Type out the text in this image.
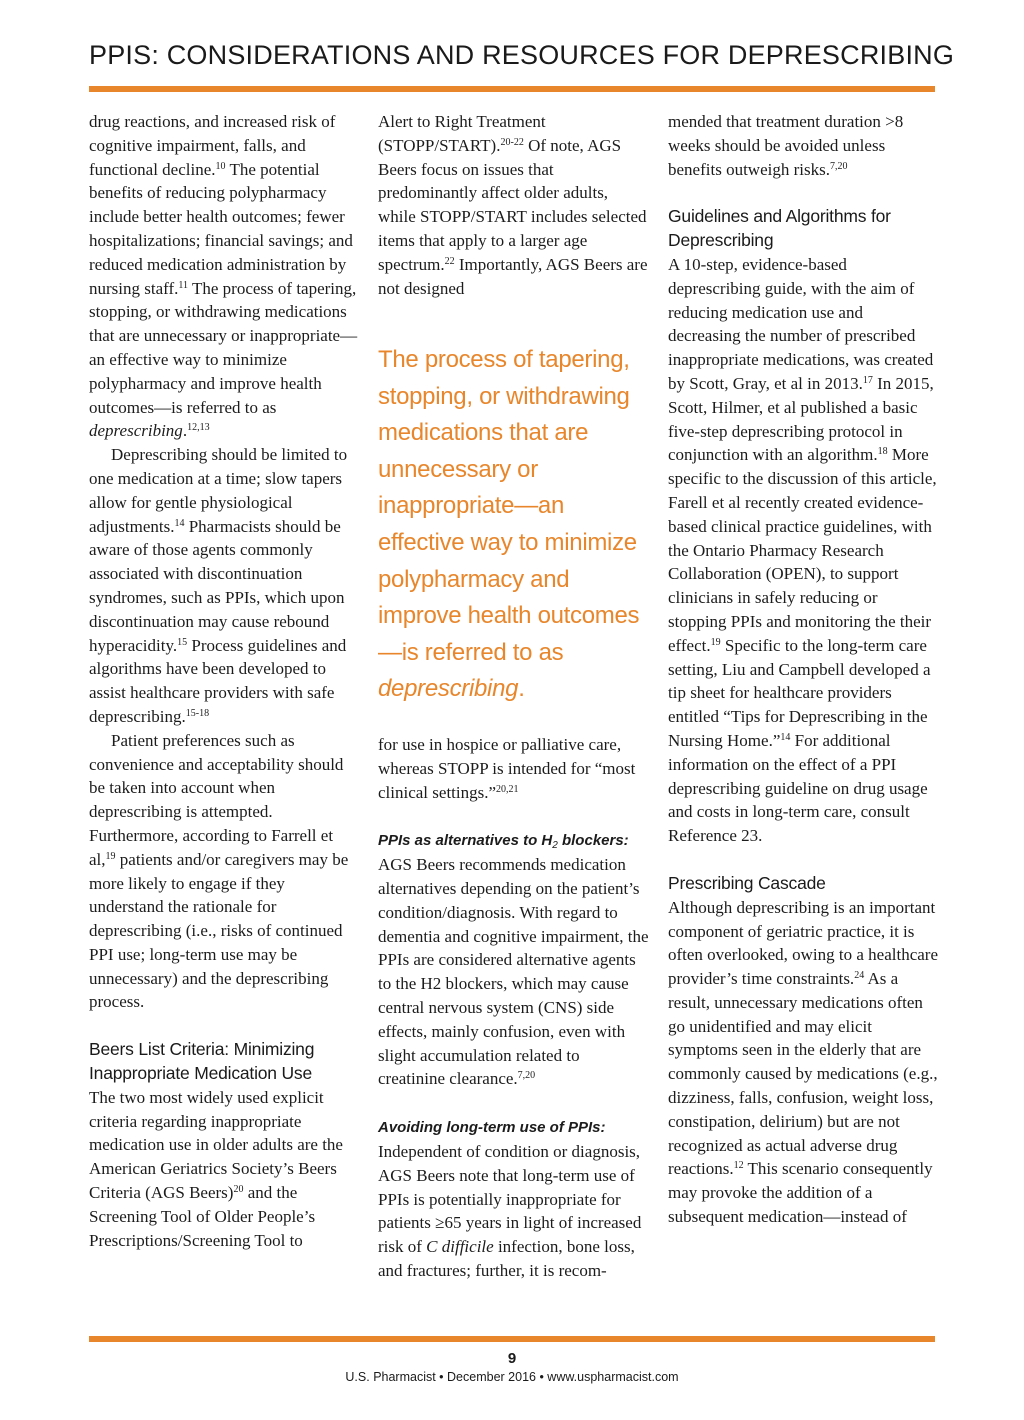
PPIS: CONSIDERATIONS AND RESOURCES FOR DEPRESCRIBING

drug reactions, and increased risk of cognitive impairment, falls, and functional decline.$^{10}$ The potential benefits of reducing polypharmacy include better health outcomes; fewer hospitalizations; financial savings; and reduced medication administration by nursing staff.$^{11}$ The process of tapering, stopping, or withdrawing medications that are unnecessary or inappropriate—an effective way to minimize polypharmacy and improve health outcomes—is referred to as deprescribing.$^{12,13}$

Deprescribing should be limited to one medication at a time; slow tapers allow for gentle physiological adjustments.$^{14}$ Pharmacists should be aware of those agents commonly associated with discontinuation syndromes, such as PPIs, which upon discontinuation may cause rebound hyperacidity.$^{15}$ Process guidelines and algorithms have been developed to assist healthcare providers with safe deprescribing.$^{15-18}$

Patient preferences such as convenience and acceptability should be taken into account when deprescribing is attempted. Furthermore, according to Farrell et al,$^{19}$ patients and/or caregivers may be more likely to engage if they understand the rationale for deprescribing (i.e., risks of continued PPI use; long-term use may be unnecessary) and the deprescribing process.

Beers List Criteria: Minimizing Inappropriate Medication Use

The two most widely used explicit criteria regarding inappropriate medication use in older adults are the American Geriatrics Society’s Beers Criteria (AGS Beers)$^{20}$ and the Screening Tool of Older People’s Prescriptions/Screening Tool to

Alert to Right Treatment (STOPP/START).$^{20-22}$ Of note, AGS Beers focus on issues that predominantly affect older adults, while STOPP/START includes selected items that apply to a larger age spectrum.$^{22}$ Importantly, AGS Beers are not designed

The process of tapering, stopping, or withdrawing medications that are unnecessary or inappropriate—an effective way to minimize polypharmacy and improve health outcomes—is referred to as deprescribing.

for use in hospice or palliative care, whereas STOPP is intended for “most clinical settings.”$^{20,21}$

PPIs as alternatives to $H_2$ blockers: AGS Beers recommends medication alternatives depending on the patient’s condition/diagnosis. With regard to dementia and cognitive impairment, the PPIs are considered alternative agents to the H2 blockers, which may cause central nervous system (CNS) side effects, mainly confusion, even with slight accumulation related to creatinine clearance.$^{7,20}$

Avoiding long-term use of PPIs: Independent of condition or diagnosis, AGS Beers note that long-term use of PPIs is potentially inappropriate for patients ≥65 years in light of increased risk of C difficile infection, bone loss, and fractures; further, it is recom-

mended that treatment duration >8 weeks should be avoided unless benefits outweigh risks.$^{7,20}$

Guidelines and Algorithms for Deprescribing

A 10-step, evidence-based deprescribing guide, with the aim of reducing medication use and decreasing the number of prescribed inappropriate medications, was created by Scott, Gray, et al in 2013.17 In 2015, Scott, Hilmer, et al published a basic five-step deprescribing protocol in conjunction with an algorithm.$^{18}$ More specific to the discussion of this article, Farell et al recently created evidence-based clinical practice guidelines, with the Ontario Pharmacy Research Collaboration (OPEN), to support clinicians in safely reducing or stopping PPIs and monitoring the their effect.$^{19}$ Specific to the long-term care setting, Liu and Campbell developed a tip sheet for healthcare providers entitled “Tips for Deprescribing in the Nursing Home.”$^{14}$ For additional information on the effect of a PPI deprescribing guideline on drug usage and costs in long-term care, consult Reference 23.

Prescribing Cascade

Although deprescribing is an important component of geriatric practice, it is often overlooked, owing to a healthcare provider’s time constraints.$^{24}$ As a result, unnecessary medications often go unidentified and may elicit symptoms seen in the elderly that are commonly caused by medications (e.g., dizziness, falls, confusion, weight loss, constipation, delirium) but are not recognized as actual adverse drug reactions.$^{12}$ This scenario consequently may provoke the addition of a subsequent medication—instead of

9
U.S. Pharmacist • December 2016 • www.uspharmacist.com
